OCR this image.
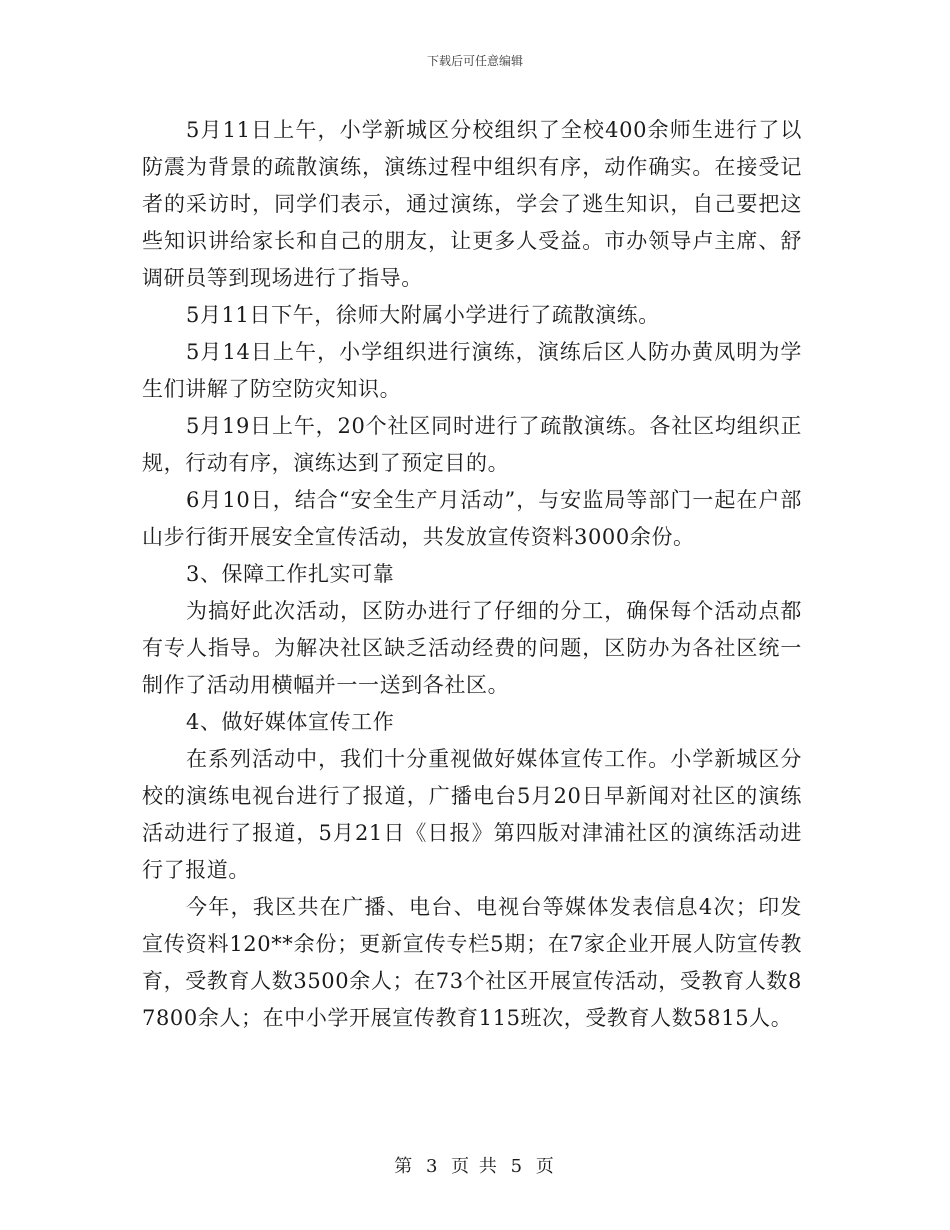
下载后可任意编辑

5月11日上午，小学新城区分校组织了全校400余师生进行了以防震为背景的疏散演练，演练过程中组织有序，动作确实。在接受记者的采访时，同学们表示，通过演练，学会了逃生知识，自己要把这些知识讲给家长和自己的朋友，让更多人受益。市办领导卢主席、舒调研员等到现场进行了指导。

5月11日下午，徐师大附属小学进行了疏散演练。

5月14日上午，小学组织进行演练，演练后区人防办黄凤明为学生们讲解了防空防灾知识。

5月19日上午，20个社区同时进行了疏散演练。各社区均组织正规，行动有序，演练达到了预定目的。

6月10日，结合“安全生产月活动”，与安监局等部门一起在户部山步行街开展安全宣传活动，共发放宣传资料3000余份。

3、保障工作扎实可靠

为搞好此次活动，区防办进行了仔细的分工，确保每个活动点都有专人指导。为解决社区缺乏活动经费的问题，区防办为各社区统一制作了活动用横幅并一一送到各社区。

4、做好媒体宣传工作

在系列活动中，我们十分重视做好媒体宣传工作。小学新城区分校的演练电视台进行了报道，广播电台5月20日早新闻对社区的演练活动进行了报道，5月21日《日报》第四版对津浦社区的演练活动进行了报道。

今年，我区共在广播、电台、电视台等媒体发表信息4次；印发宣传资料120**余份；更新宣传专栏5期；在7家企业开展人防宣传教育，受教育人数3500余人；在73个社区开展宣传活动，受教育人数87800余人；在中小学开展宣传教育115班次，受教育人数5815人。

第 3 页 共 5 页
